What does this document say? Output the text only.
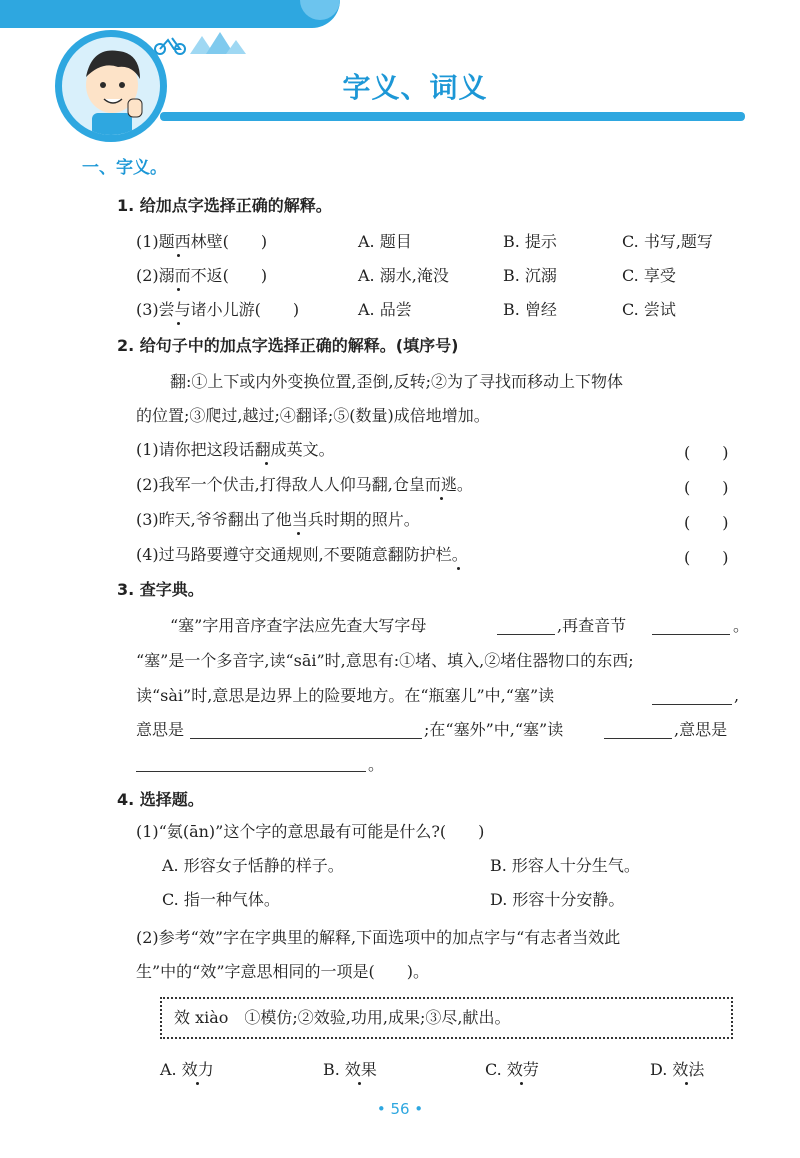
字义、词义
一、字义。
1. 给加点字选择正确的解释。
(1)题西林壁(　　)	A. 题目	B. 提示	C. 书写,题写
(2)溺而不返(　　)	A. 溺水,淹没	B. 沉溺	C. 享受
(3)尝与诸小儿游(　　)	A. 品尝	B. 曾经	C. 尝试
2. 给句子中的加点字选择正确的解释。(填序号)
翻:①上下或内外变换位置,歪倒,反转;②为了寻找而移动上下物体
的位置;③爬过,越过;④翻译;⑤(数量)成倍地增加。
(1)请你把这段话翻成英文。	(　　)
(2)我军一个伏击,打得敌人人仰马翻,仓皇而逃。	(　　)
(3)昨天,爷爷翻出了他当兵时期的照片。	(　　)
(4)过马路要遵守交通规则,不要随意翻防护栏。	(　　)
3. 查字典。
“塞”字用音序查字法应先查大写字母	,再查音节	。
“塞”是一个多音字,读“sāi”时,意思有:①堵、填入,②堵住器物口的东西;
读“sài”时,意思是边界上的险要地方。在“瓶塞儿”中,“塞”读	,
意思是	;在“塞外”中,“塞”读	,意思是
。
4. 选择题。
(1)“氨(ān)”这个字的意思最有可能是什么?(　　)
A. 形容女子恬静的样子。	B. 形容人十分生气。
C. 指一种气体。	D. 形容十分安静。
(2)参考“效”字在字典里的解释,下面选项中的加点字与“有志者当效此
生”中的“效”字意思相同的一项是(　　)。
效 xiào　①模仿;②效验,功用,成果;③尽,献出。
A. 效力	B. 效果	C. 效劳	D. 效法
• 56 •
